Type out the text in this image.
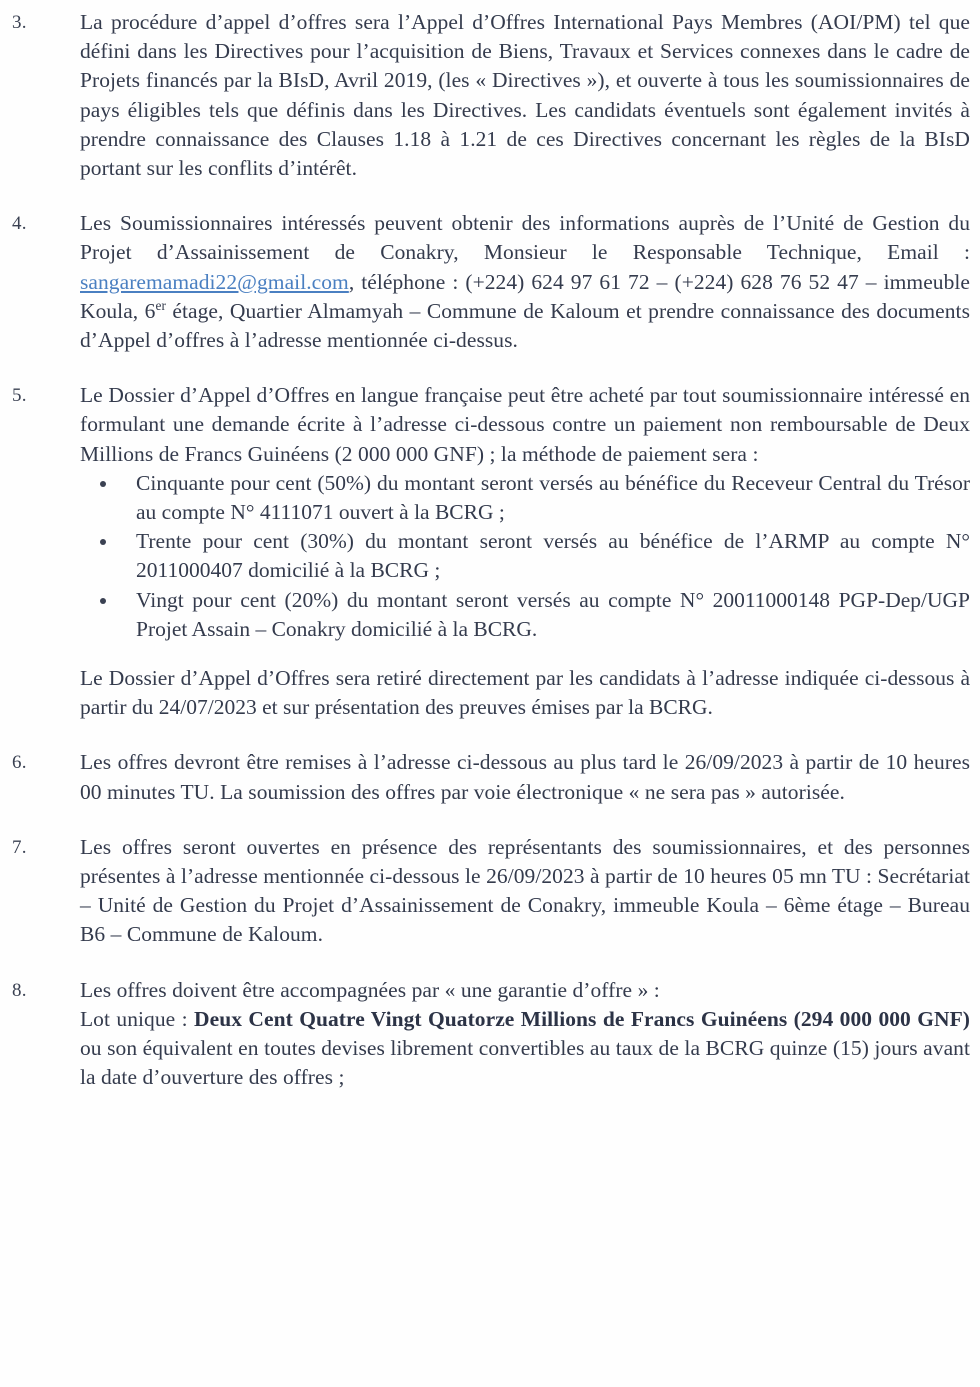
3.	La procédure d’appel d’offres sera l’Appel d’Offres International Pays Membres (AOI/PM) tel que défini dans les Directives pour l’acquisition de Biens, Travaux et Services connexes dans le cadre de Projets financés par la BIsD, Avril 2019, (les « Directives »), et ouverte à tous les soumissionnaires de pays éligibles tels que définis dans les Directives. Les candidats éventuels sont également invités à prendre connaissance des Clauses 1.18 à 1.21 de ces Directives concernant les règles de la BIsD portant sur les conflits d’intérêt.
4.	Les Soumissionnaires intéressés peuvent obtenir des informations auprès de l’Unité de Gestion du Projet d’Assainissement de Conakry, Monsieur le Responsable Technique, Email : sangaremamadi22@gmail.com, téléphone : (+224) 624 97 61 72 – (+224) 628 76 52 47 – immeuble Koula, 6er étage, Quartier Almamyah – Commune de Kaloum et prendre connaissance des documents d’Appel d’offres à l’adresse mentionnée ci-dessus.
5.	Le Dossier d’Appel d’Offres en langue française peut être acheté par tout soumissionnaire intéressé en formulant une demande écrite à l’adresse ci-dessous contre un paiement non remboursable de Deux Millions de Francs Guinéens (2 000 000 GNF) ; la méthode de paiement sera :
Cinquante pour cent (50%) du montant seront versés au bénéfice du Receveur Central du Trésor au compte N° 4111071 ouvert à la BCRG ;
Trente pour cent (30%) du montant seront versés au bénéfice de l’ARMP au compte N° 2011000407 domicilié à la BCRG ;
Vingt pour cent (20%) du montant seront versés au compte N° 20011000148 PGP-Dep/UGP Projet Assain – Conakry domicilié à la BCRG.
Le Dossier d’Appel d’Offres sera retiré directement par les candidats à l’adresse indiquée ci-dessous à partir du 24/07/2023 et sur présentation des preuves émises par la BCRG.
6.	Les offres devront être remises à l’adresse ci-dessous au plus tard le 26/09/2023 à partir de 10 heures 00 minutes TU. La soumission des offres par voie électronique « ne sera pas » autorisée.
7.	Les offres seront ouvertes en présence des représentants des soumissionnaires, et des personnes présentes à l’adresse mentionnée ci-dessous le 26/09/2023 à partir de 10 heures 05 mn TU : Secrétariat – Unité de Gestion du Projet d’Assainissement de Conakry, immeuble Koula – 6ème étage – Bureau B6 – Commune de Kaloum.
8.	Les offres doivent être accompagnées par « une garantie d’offre » :
Lot unique : Deux Cent Quatre Vingt Quatorze Millions de Francs Guinéens (294 000 000 GNF) ou son équivalent en toutes devises librement convertibles au taux de la BCRG quinze (15) jours avant la date d’ouverture des offres ;
